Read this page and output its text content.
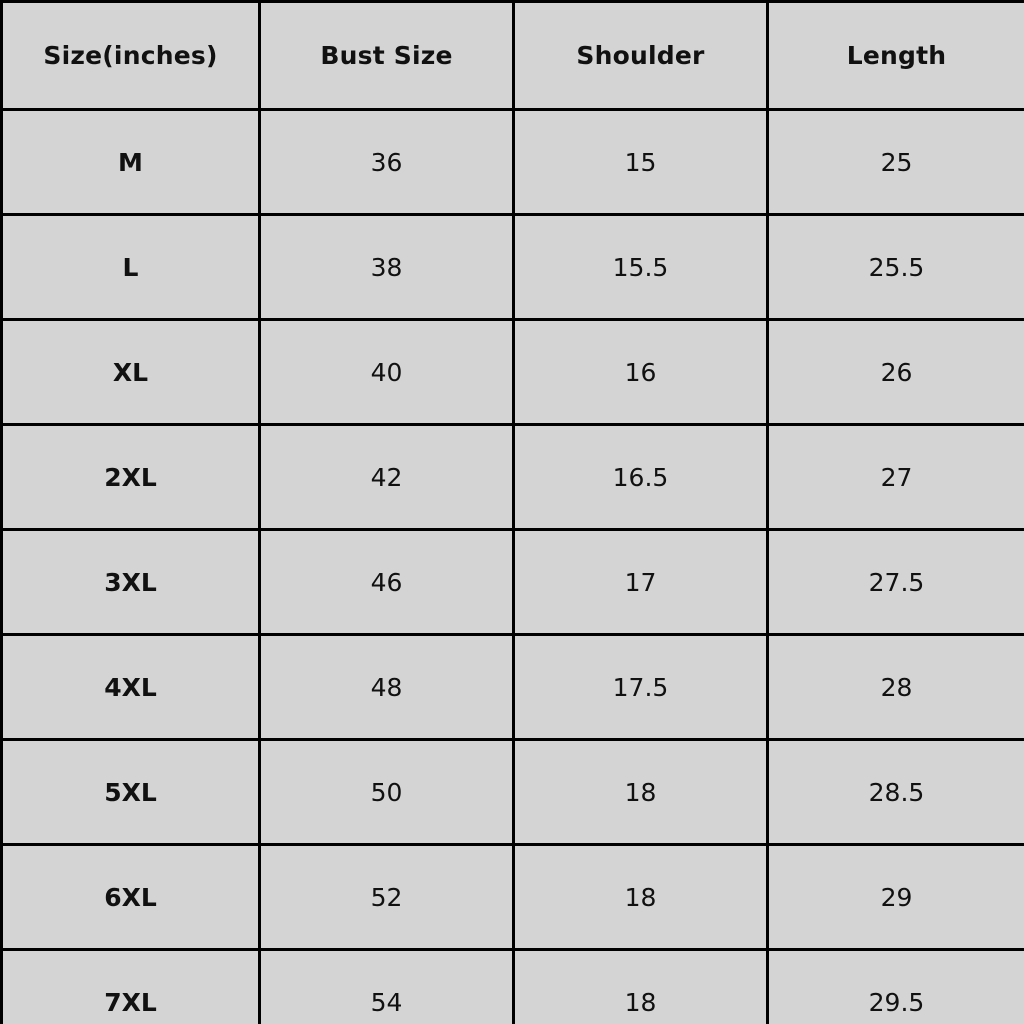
Size(inches)	Bust Size	Shoulder	Length
M	36	15	25
L	38	15.5	25.5
XL	40	16	26
2XL	42	16.5	27
3XL	46	17	27.5
4XL	48	17.5	28
5XL	50	18	28.5
6XL	52	18	29
7XL	54	18	29.5
